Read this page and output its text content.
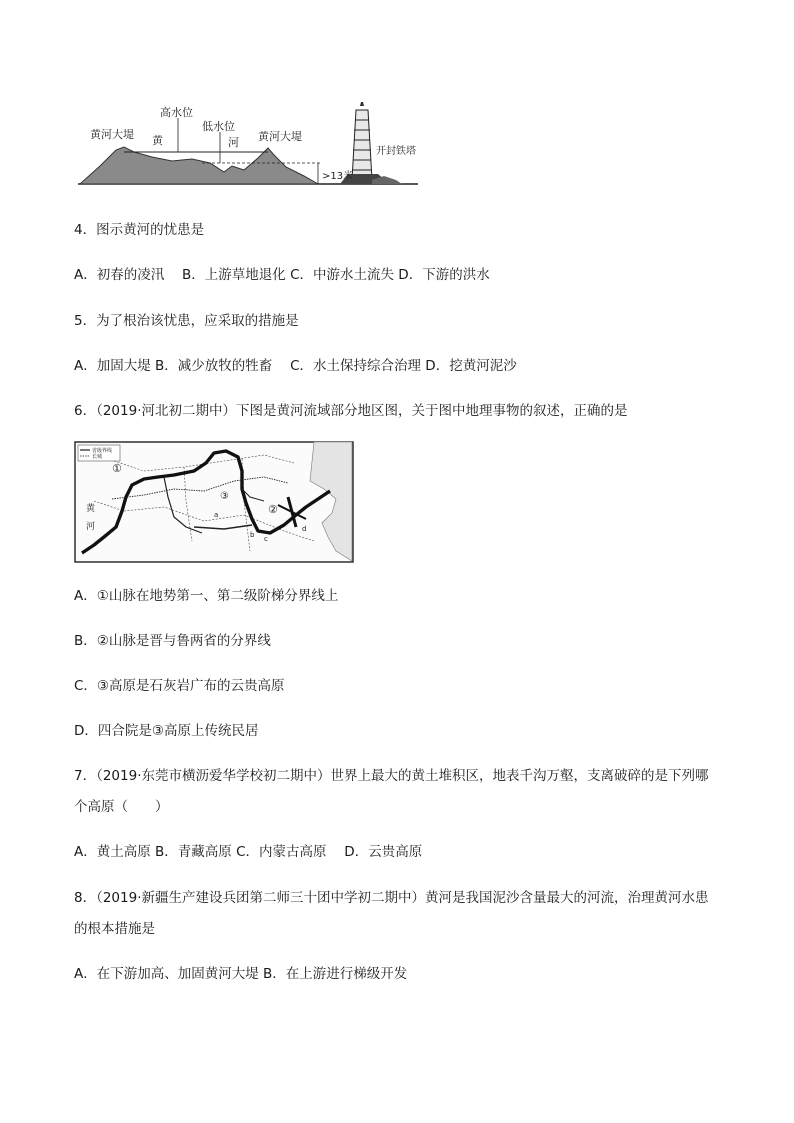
黄河大堤
高水位
低水位
黄河大堤
黄	河
>13米
开封铁塔
4．图示黄河的忧患是
A．初春的凌汛　 B．上游草地退化 C．中游水土流失 D．下游的洪水
5．为了根治该忧患，应采取的措施是
A．加固大堤 B．减少放牧的牲畜　 C．水土保持综合治理 D．挖黄河泥沙
6．（2019·河北初二期中）下图是黄河流域部分地区图，关于图中地理事物的叙述，正确的是
省级界线
长城
①
②
③
黄
河
a
b c
d
A．①山脉在地势第一、第二级阶梯分界线上
B．②山脉是晋与鲁两省的分界线
C．③高原是石灰岩广布的云贵高原
D．四合院是③高原上传统民居
7．（2019·东莞市横沥爱华学校初二期中）世界上最大的黄土堆积区，地表千沟万壑，支离破碎的是下列哪
个高原（　　）
A．黄土高原 B．青藏高原 C．内蒙古高原　 D．云贵高原
8．（2019·新疆生产建设兵团第二师三十团中学初二期中）黄河是我国泥沙含量最大的河流，治理黄河水患
的根本措施是
A．在下游加高、加固黄河大堤 B．在上游进行梯级开发
